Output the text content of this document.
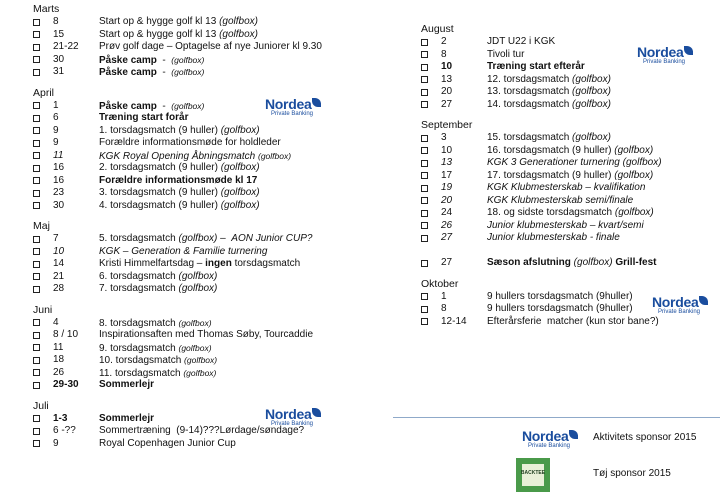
Marts

8	Start op & hygge golf kl 13 (golfbox)
15	Start op & hygge golf kl 13 (golfbox)
21-22 Prøv golf dage – Optagelse af nye Juniorer kl 9.30
30	Påske camp  -  (golfbox)
31	Påske camp  -  (golfbox)

April

1	Påske camp  -  (golfbox)
6	Træning start forår
9	1. torsdagsmatch (9 huller) (golfbox)
9	Forældre informationsmøde for holdleder
11	KGK Royal Opening Åbningsmatch (golfbox)
16	2. torsdagsmatch (9 huller) (golfbox)
16	Forældre informationsmøde kl 17
23	3. torsdagsmatch (9 huller) (golfbox)
30	4. torsdagsmatch (9 huller) (golfbox)

Maj

7	5. torsdagsmatch (golfbox) –  AON Junior CUP?
10	KGK – Generation & Familie turnering
14	Kristi Himmelfartsdag – ingen torsdagsmatch
21	6. torsdagsmatch (golfbox)
28	7. torsdagsmatch (golfbox)

Juni

4	8. torsdagsmatch (golfbox)
8 / 10 Inspirationsaften med Thomas Søby, Tourcaddie
11	9. torsdagsmatch (golfbox)
18	10. torsdagsmatch (golfbox)
26	11. torsdagsmatch (golfbox)
29-30 Sommerlejr

Juli

1-3	Sommerlejr
6 -?? Sommertræning  (9-14)???Lørdage/søndage?
9	Royal Copenhagen Junior Cup

August

2	JDT U22 i KGK
8	Tivoli tur
10	Træning start efterår
13	12. torsdagsmatch (golfbox)
20	13. torsdagsmatch (golfbox)
27	14. torsdagsmatch (golfbox)

September

3	15. torsdagsmatch (golfbox)
10	16. torsdagsmatch (9 huller) (golfbox)
13	KGK 3 Generationer turnering (golfbox)
17	17. torsdagsmatch (9 huller) (golfbox)
19	KGK Klubmesterskab – kvalifikation
20	KGK Klubmesterskab semi/finale
24	18. og sidste torsdagsmatch (golfbox)
26	Junior klubmesterskab – kvart/semi
27	Junior klubmesterskab - finale
27	Sæson afslutning (golfbox) Grill-fest

Oktober

1	9 hullers torsdagsmatch (9huller)
8	9 hullers torsdagsmatch (9huller)
12-14 Efterårsferie  matcher (kun stor bane?)
Nordea
Private Banking
Nordea
Private Banking
Nordea
Private Banking
Nordea
Private Banking
Nordea
Private Banking
Aktivitets sponsor 2015
BACKTEE	Tøj sponsor 2015
